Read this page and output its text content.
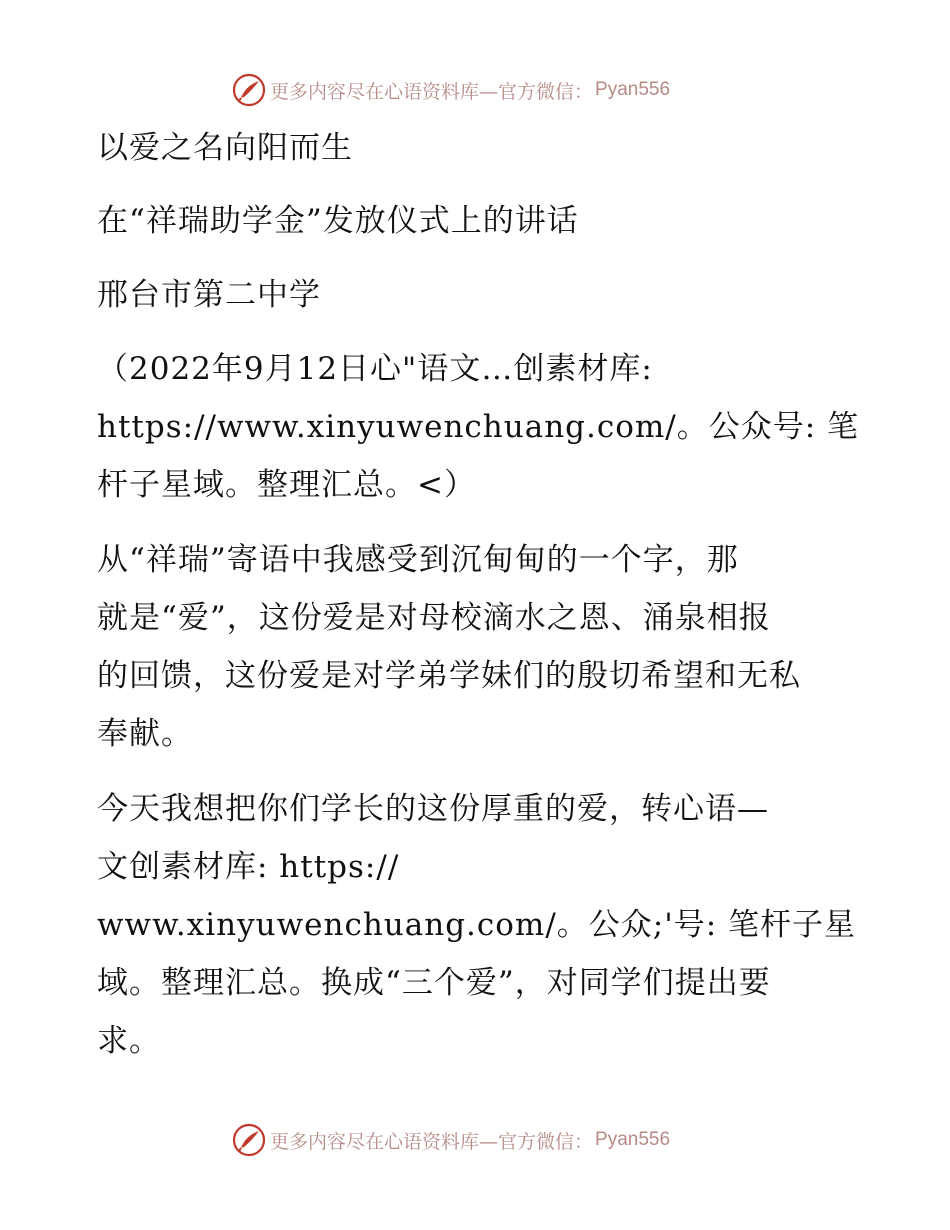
更多内容尽在心语资料库—官方微信： Pyan556
以爱之名向阳而生
在“祥瑞助学金”发放仪式上的讲话
邢台市第二中学
（2022年9月12日心"语文…创素材库:
https://www.xinyuwenchuang.com/。公众号: 笔
杆子星域。整理汇总。<）
从“祥瑞”寄语中我感受到沉甸甸的一个字，那
就是“爱”，这份爱是对母校滴水之恩、涌泉相报
的回馈，这份爱是对学弟学妹们的殷切希望和无私
奉献。
今天我想把你们学长的这份厚重的爱，转心语—
文创素材库: https://
www.xinyuwenchuang.com/。公众;'号: 笔杆子星
域。整理汇总。换成“三个爱”，对同学们提出要
求。
更多内容尽在心语资料库—官方微信： Pyan556
